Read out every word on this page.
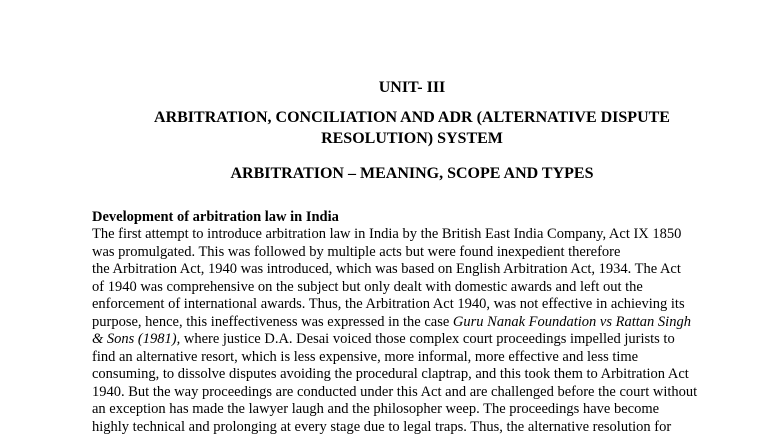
UNIT- III
ARBITRATION, CONCILIATION AND ADR (ALTERNATIVE DISPUTE
RESOLUTION) SYSTEM
ARBITRATION – MEANING, SCOPE AND TYPES
Development of arbitration law in India
The first attempt to introduce arbitration law in India by the British East India Company, Act IX 1850
was promulgated. This was followed by multiple acts but were found inexpedient therefore
the Arbitration Act, 1940 was introduced, which was based on English Arbitration Act, 1934. The Act
of 1940 was comprehensive on the subject but only dealt with domestic awards and left out the
enforcement of international awards. Thus, the Arbitration Act 1940, was not effective in achieving its
purpose, hence, this ineffectiveness was expressed in the case Guru Nanak Foundation vs Rattan Singh
& Sons (1981), where justice D.A. Desai voiced those complex court proceedings impelled jurists to
find an alternative resort, which is less expensive, more informal, more effective and less time
consuming, to dissolve disputes avoiding the procedural claptrap, and this took them to Arbitration Act
1940. But the way proceedings are conducted under this Act and are challenged before the court without
an exception has made the lawyer laugh and the philosopher weep. The proceedings have become
highly technical and prolonging at every stage due to legal traps. Thus, the alternative resolution for
